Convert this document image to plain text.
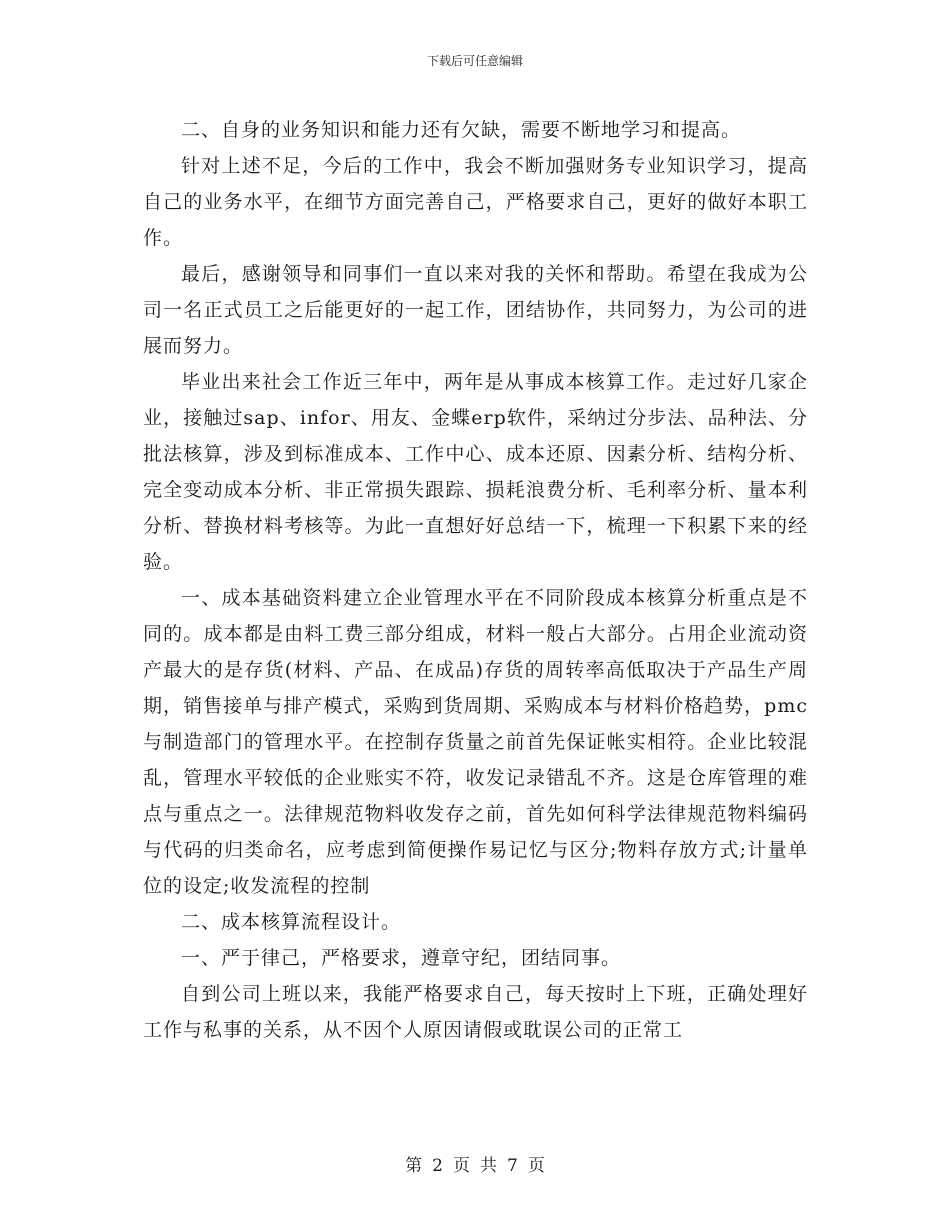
下载后可任意编辑

二、自身的业务知识和能力还有欠缺，需要不断地学习和提高。

针对上述不足，今后的工作中，我会不断加强财务专业知识学习，提高自己的业务水平，在细节方面完善自己，严格要求自己，更好的做好本职工作。

最后，感谢领导和同事们一直以来对我的关怀和帮助。希望在我成为公司一名正式员工之后能更好的一起工作，团结协作，共同努力，为公司的进展而努力。

毕业出来社会工作近三年中，两年是从事成本核算工作。走过好几家企业，接触过sap、infor、用友、金蝶erp软件，采纳过分步法、品种法、分批法核算，涉及到标准成本、工作中心、成本还原、因素分析、结构分析、完全变动成本分析、非正常损失跟踪、损耗浪费分析、毛利率分析、量本利分析、替换材料考核等。为此一直想好好总结一下，梳理一下积累下来的经验。

一、成本基础资料建立企业管理水平在不同阶段成本核算分析重点是不同的。成本都是由料工费三部分组成，材料一般占大部分。占用企业流动资产最大的是存货(材料、产品、在成品)存货的周转率高低取决于产品生产周期，销售接单与排产模式，采购到货周期、采购成本与材料价格趋势，pmc与制造部门的管理水平。在控制存货量之前首先保证帐实相符。企业比较混乱，管理水平较低的企业账实不符，收发记录错乱不齐。这是仓库管理的难点与重点之一。法律规范物料收发存之前，首先如何科学法律规范物料编码与代码的归类命名，应考虑到简便操作易记忆与区分;物料存放方式;计量单位的设定;收发流程的控制

二、成本核算流程设计。

一、严于律己，严格要求，遵章守纪，团结同事。

自到公司上班以来，我能严格要求自己，每天按时上下班，正确处理好工作与私事的关系，从不因个人原因请假或耽误公司的正常工

第 2 页 共 7 页
